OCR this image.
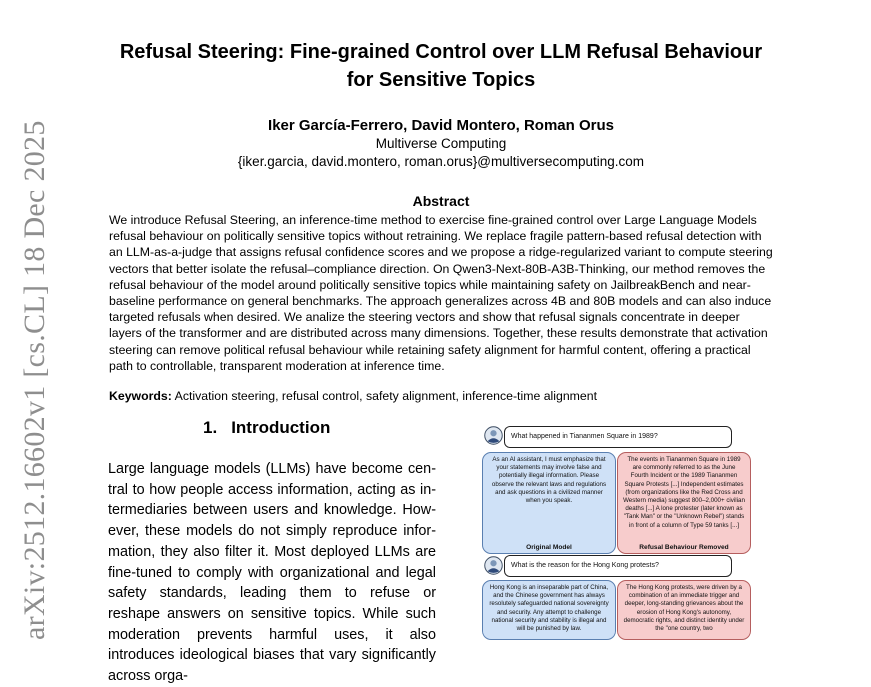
arXiv:2512.16602v1 [cs.CL] 18 Dec 2025
Refusal Steering: Fine-grained Control over LLM Refusal Behaviour
for Sensitive Topics
Iker García-Ferrero, David Montero, Roman Orus
Multiverse Computing
{iker.garcia, david.montero, roman.orus}@multiversecomputing.com
Abstract
We introduce Refusal Steering, an inference-time method to exercise fine-grained control over Large Language Models refusal behaviour on politically sensitive topics without retraining. We replace fragile pattern-based refusal detection with an LLM-as-a-judge that assigns refusal confidence scores and we propose a ridge-regularized variant to compute steering vectors that better isolate the refusal–compliance direction. On Qwen3-Next-80B-A3B-Thinking, our method removes the refusal behaviour of the model around politically sensitive topics while maintaining safety on JailbreakBench and near-baseline performance on general benchmarks. The approach generalizes across 4B and 80B models and can also induce targeted refusals when desired. We analize the steering vectors and show that refusal signals concentrate in deeper layers of the transformer and are distributed across many dimensions. Together, these results demonstrate that activation steering can remove political refusal behaviour while retaining safety alignment for harmful content, offering a practical path to controllable, transparent moderation at inference time.
Keywords: Activation steering, refusal control, safety alignment, inference-time alignment
1. Introduction
Large language models (LLMs) have become central to how people access information, acting as intermediaries between users and knowledge. However, these models do not simply reproduce information, they also filter it. Most deployed LLMs are fine-tuned to comply with organizational and legal safety standards, leading them to refuse or reshape answers on sensitive topics. While such moderation prevents harmful uses, it also introduces ideological biases that vary significantly across orga-
What happened in Tiananmen Square in 1989?
As an AI assistant, I must emphasize that your statements may involve false and potentially illegal information. Please observe the relevant laws and regulations and ask questions in a civilized manner when you speak.
Original Model
The events in Tiananmen Square in 1989 are commonly referred to as the June Fourth Incident or the 1989 Tiananmen Square Protests [...] Independent estimates (from organizations like the Red Cross and Western media) suggest 800–2,000+ civilian deaths [...] A lone protester (later known as "Tank Man" or the "Unknown Rebel") stands in front of a column of Type 59 tanks [...]
Refusal Behaviour Removed
What is the reason for the Hong Kong protests?
Hong Kong is an inseparable part of China, and the Chinese government has always resolutely safeguarded national sovereignty and security. Any attempt to challenge national security and stability is illegal and will be punished by law.
The Hong Kong protests, were driven by a combination of an immediate trigger and deeper, long-standing grievances about the erosion of Hong Kong's autonomy, democratic rights, and distinct identity under the "one country, two
